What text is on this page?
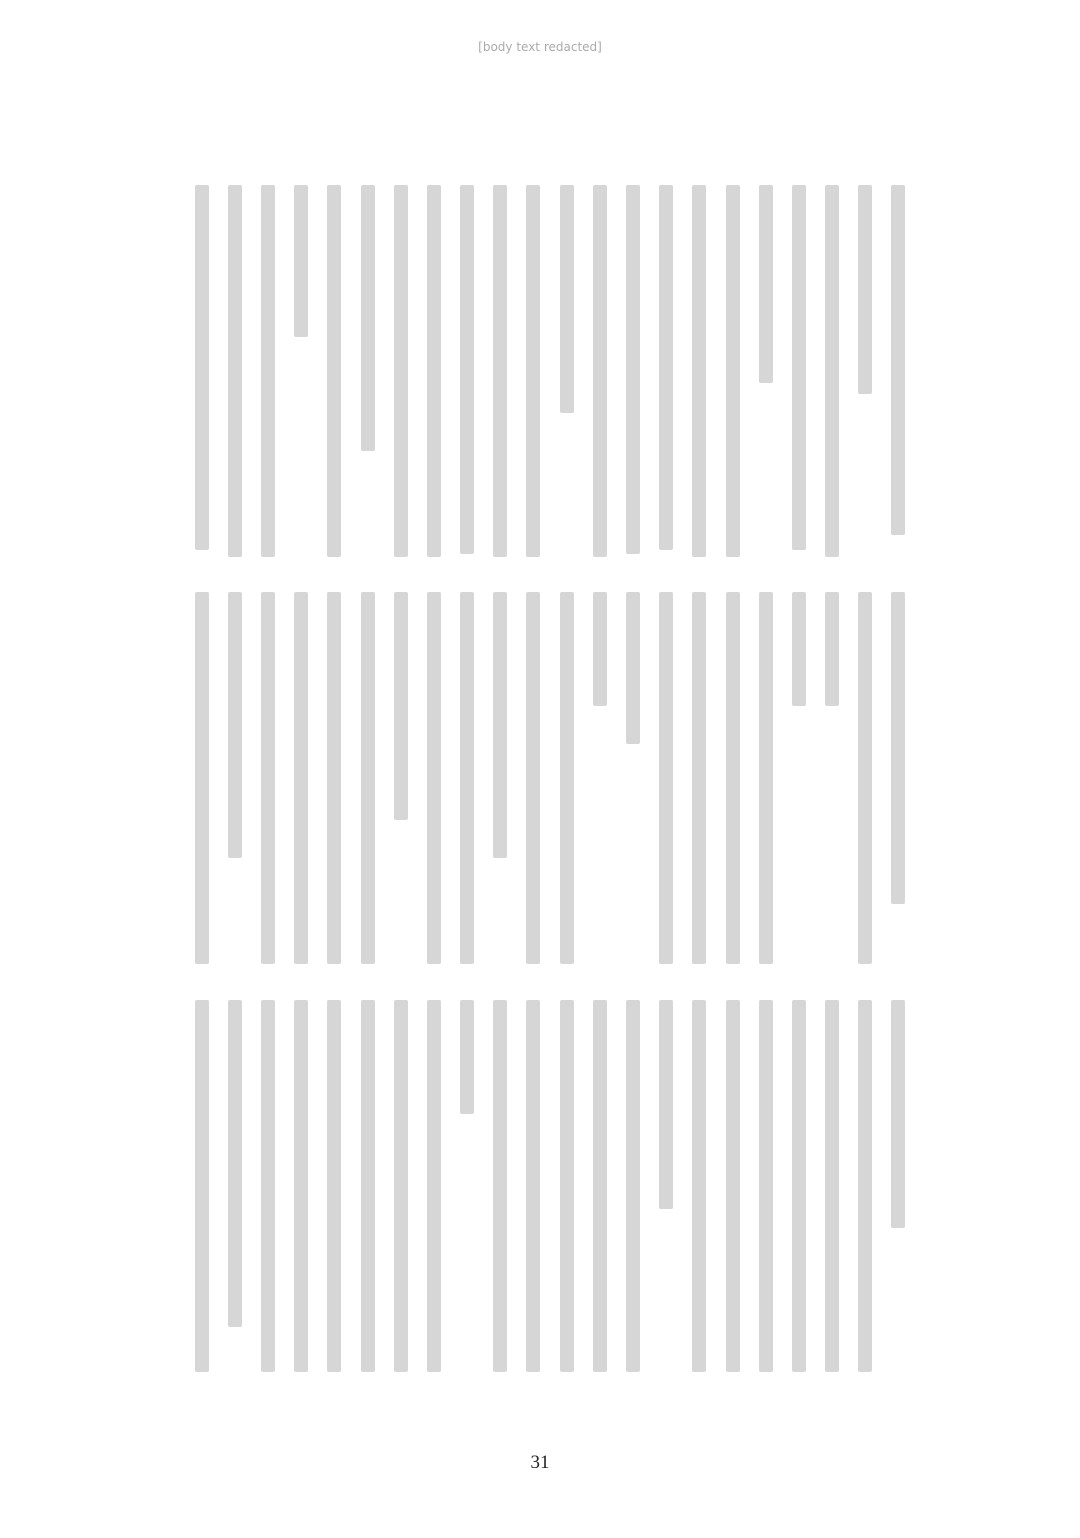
[body text redacted]
31
